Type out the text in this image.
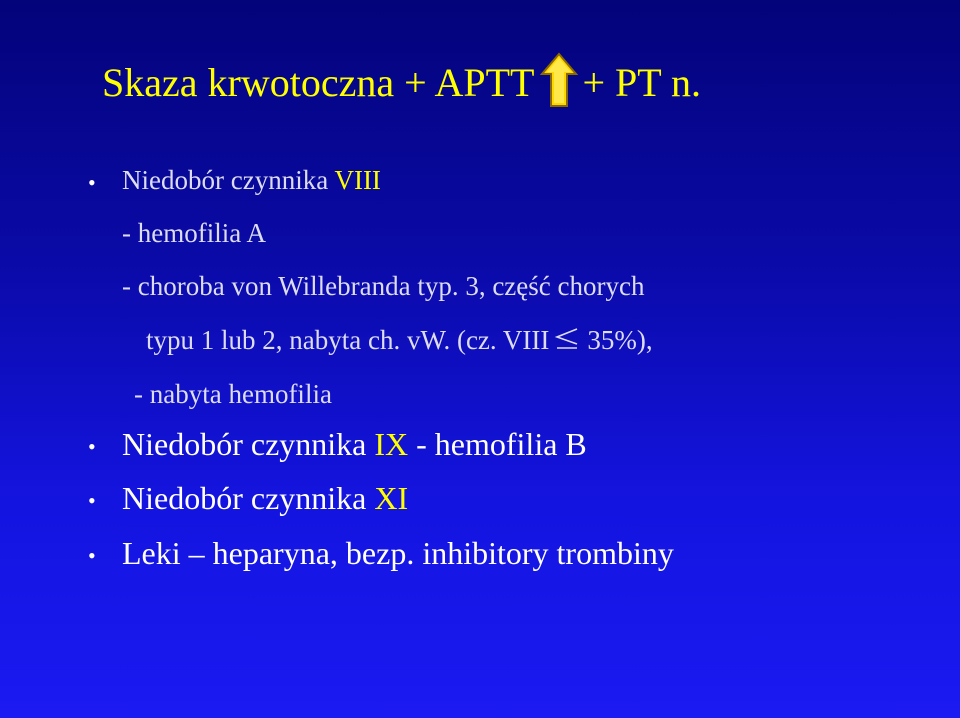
Skaza krwotoczna + APTT + PT n.
• Niedobór czynnika VIII
- hemofilia A
- choroba von Willebranda typ. 3, część chorych
typu 1 lub 2, nabyta ch. vW. (cz. VIII 35%),
- nabyta hemofilia
• Niedobór czynnika IX - hemofilia B
• Niedobór czynnika XI
• Leki – heparyna, bezp. inhibitory trombiny
